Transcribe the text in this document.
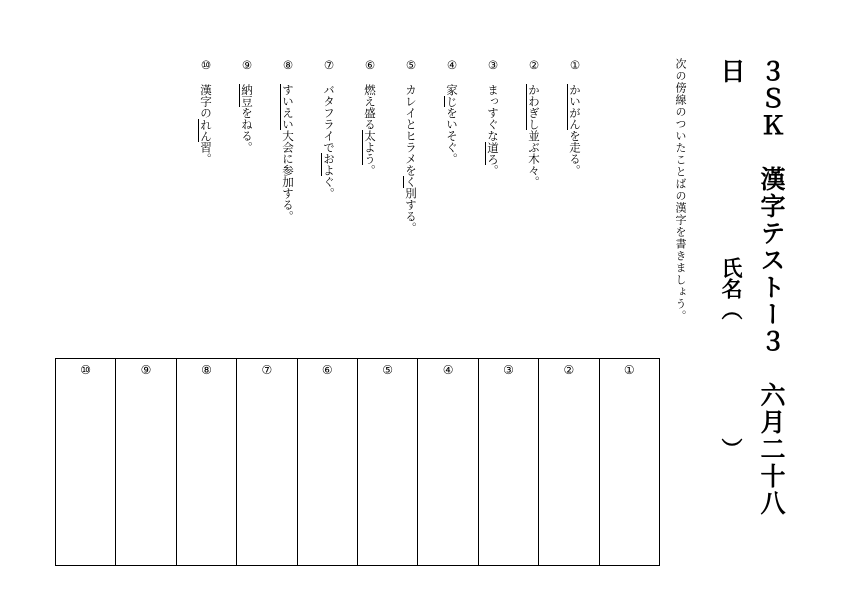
３ＳＫ　漢字テストー３　六月二十八日
氏名（）
次の傍線のついたことばの漢字を書きましょう。
①かいがんを走る。
②かわぎし並ぶ木々。
③まっすぐな道ろ。
④家じをいそぐ。
⑤カレイとヒラメをく別する。
⑥燃え盛る太よう。
⑦バタフライでおよぐ。
⑧すいえい大会に参加する。
⑨納豆をねる。
⑩漢字のれん習。
①
②
③
④
⑤
⑥
⑦
⑧
⑨
⑩
